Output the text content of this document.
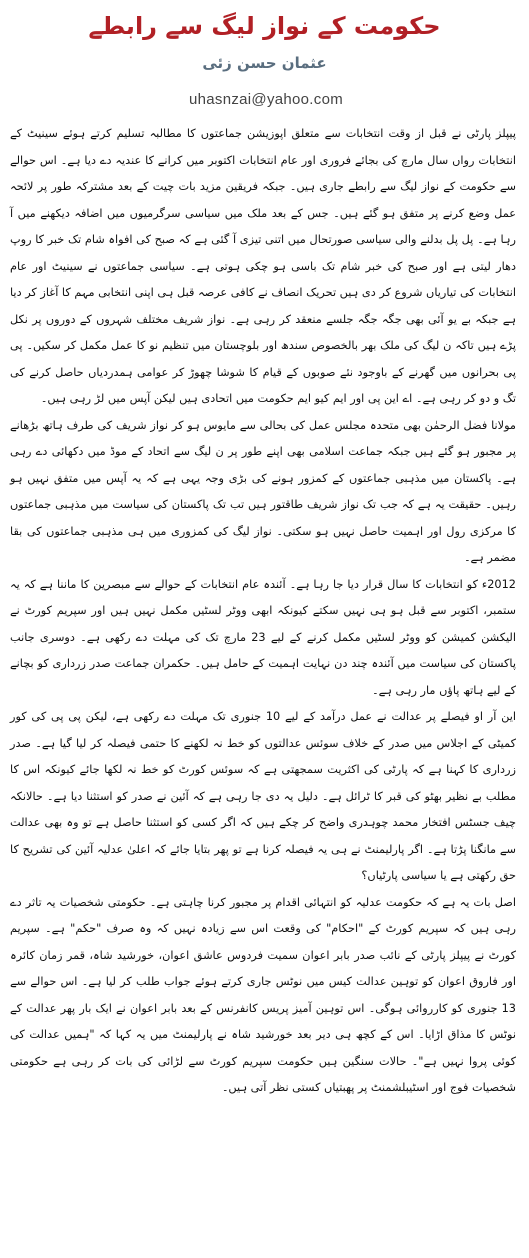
حکومت کے نواز لیگ سے رابطے
عثمان حسن زئی
uhasnzai@yahoo.com

پیپلز پارٹی نے قبل از وقت انتخابات سے متعلق اپوزیشن جماعتوں کا مطالبہ تسلیم کرتے ہوئے سینیٹ کے انتخابات رواں سال مارچ کی بجائے فروری اور عام انتخابات اکتوبر میں کرانے کا عندیہ دے دیا ہے۔ اس حوالے سے حکومت کے نواز لیگ سے رابطے جاری ہیں۔ جبکہ فریقین مزید بات چیت کے بعد مشترکہ طور پر لائحہ عمل وضع کرنے پر متفق ہو گئے ہیں۔ جس کے بعد ملک میں سیاسی سرگرمیوں میں اضافہ دیکھنے میں آ رہا ہے۔ پل پل بدلنے والی سیاسی صورتحال میں اتنی تیزی آ گئی ہے کہ صبح کی افواہ شام تک خبر کا روپ دھار لیتی ہے اور صبح کی خبر شام تک باسی ہو چکی ہوتی ہے۔ سیاسی جماعتوں نے سینیٹ اور عام انتخابات کی تیاریاں شروع کر دی ہیں تحریک انصاف نے کافی عرصہ قبل ہی اپنی انتخابی مہم کا آغاز کر دیا ہے جبکہ بے یو آئی بھی جگہ جگہ جلسے منعقد کر رہی ہے۔ نواز شریف مختلف شہروں کے دوروں پر نکل پڑے ہیں تاکہ ن لیگ کی ملک بھر بالخصوص سندھ اور بلوچستان میں تنظیم نو کا عمل مکمل کر سکیں۔ پی پی بحرانوں میں گھرنے کے باوجود نئے صوبوں کے قیام کا شوشا چھوڑ کر عوامی ہمدردیاں حاصل کرنے کی تگ و دو کر رہی ہے۔ اے این پی اور ایم کیو ایم حکومت میں اتحادی ہیں لیکن آپس میں لڑ رہی ہیں۔

مولانا فضل الرحمٰن بھی متحدہ مجلس عمل کی بحالی سے مایوس ہو کر نواز شریف کی طرف ہاتھ بڑھانے پر مجبور ہو گئے ہیں جبکہ جماعت اسلامی بھی اپنے طور پر ن لیگ سے اتحاد کے موڈ میں دکھائی دے رہی ہے۔ پاکستان میں مذہبی جماعتوں کے کمزور ہونے کی بڑی وجہ یہی ہے کہ یہ آپس میں متفق نہیں ہو رہیں۔ حقیقت یہ ہے کہ جب تک نواز شریف طاقتور ہیں تب تک پاکستان کی سیاست میں مذہبی جماعتوں کا مرکزی رول اور اہمیت حاصل نہیں ہو سکتی۔ نواز لیگ کی کمزوری میں ہی مذہبی جماعتوں کی بقا مضمر ہے۔

2012ء کو انتخابات کا سال قرار دیا جا رہا ہے۔ آئندہ عام انتخابات کے حوالے سے مبصرین کا ماننا ہے کہ یہ ستمبر، اکتوبر سے قبل ہو ہی نہیں سکتے کیونکہ ابھی ووٹر لسٹیں مکمل نہیں ہیں اور سپریم کورٹ نے الیکشن کمیشن کو ووٹر لسٹیں مکمل کرنے کے لیے 23 مارچ تک کی مہلت دے رکھی ہے۔ دوسری جانب پاکستان کی سیاست میں آئندہ چند دن نہایت اہمیت کے حامل ہیں۔ حکمران جماعت صدر زرداری کو بچانے کے لیے ہاتھ پاؤں مار رہی ہے۔

این آر او فیصلے پر عدالت نے عمل درآمد کے لیے 10 جنوری تک مہلت دے رکھی ہے، لیکن پی پی کی کور کمیٹی کے اجلاس میں صدر کے خلاف سوئس عدالتوں کو خط نہ لکھنے کا حتمی فیصلہ کر لیا گیا ہے۔ صدر زرداری کا کہنا ہے کہ پارٹی کی اکثریت سمجھتی ہے کہ سوئس کورٹ کو خط نہ لکھا جائے کیونکہ اس کا مطلب بے نظیر بھٹو کی قبر کا ٹرائل ہے۔ دلیل یہ دی جا رہی ہے کہ آئین نے صدر کو استثنا دیا ہے۔ حالانکہ چیف جسٹس افتخار محمد چوہدری واضح کر چکے ہیں کہ اگر کسی کو استثنا حاصل ہے تو وہ بھی عدالت سے مانگنا پڑتا ہے۔ اگر پارلیمنٹ نے ہی یہ فیصلہ کرنا ہے تو پھر بتایا جائے کہ اعلیٰ عدلیہ آئین کی تشریح کا حق رکھتی ہے یا سیاسی پارٹیاں؟

اصل بات یہ ہے کہ حکومت عدلیہ کو انتہائی اقدام پر مجبور کرنا چاہتی ہے۔ حکومتی شخصیات یہ تاثر دے رہی ہیں کہ سپریم کورٹ کے "احکام" کی وقعت اس سے زیادہ نہیں کہ وہ صرف "حکم" ہے۔ سپریم کورٹ نے پیپلز پارٹی کے نائب صدر بابر اعوان سمیت فردوس عاشق اعوان، خورشید شاہ، قمر زمان کائرہ اور فاروق اعوان کو توہین عدالت کیس میں نوٹس جاری کرتے ہوئے جواب طلب کر لیا ہے۔ اس حوالے سے 13 جنوری کو کارروائی ہوگی۔ اس توہین آمیز پریس کانفرنس کے بعد بابر اعوان نے ایک بار پھر عدالت کے نوٹس کا مذاق اڑایا۔ اس کے کچھ ہی دیر بعد خورشید شاہ نے پارلیمنٹ میں یہ کہا کہ "ہمیں عدالت کی کوئی پروا نہیں ہے"۔ حالات سنگین ہیں حکومت سپریم کورٹ سے لڑائی کی بات کر رہی ہے حکومتی شخصیات فوج اور اسٹیبلشمنٹ پر پھبتیاں کستی نظر آتی ہیں۔
